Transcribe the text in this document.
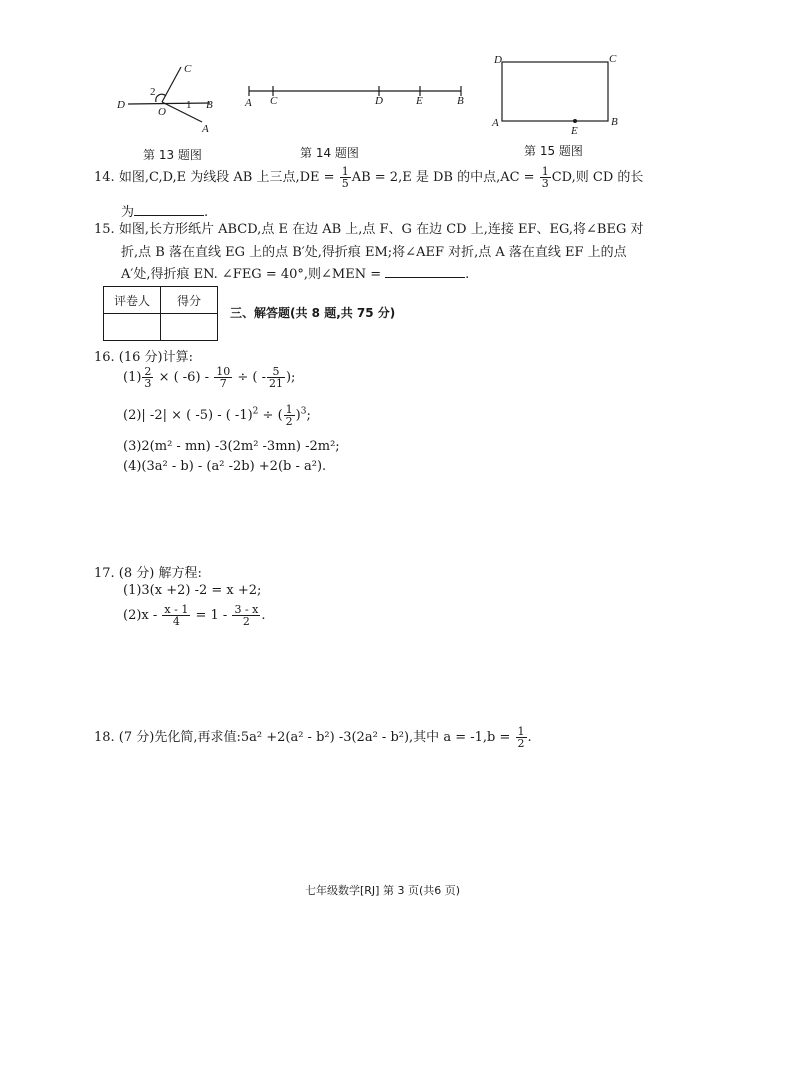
D
C
O
B
A
1
2
A C	D	E	B
D	C
A
E
B
第 13 题图	第 14 题图	第 15 题图
14. 如图,C,D,E 为线段 AB 上三点$,DE = \frac{1}{5}$ AB = 2,E 是 DB 的中点$,AC = \frac{1}{3}$ CD,则 CD 的长
为	.
15. 如图,长方形纸片 ABCD,点 E 在边 AB 上,点 F、G 在边 CD 上,连接 EF、EG,将∠BEG 对
折,点 B 落在直线 EG 上的点 B′处,得折痕 EM;将∠AEF 对折,点 A 落在直线 EF 上的点
A′处,得折痕 EN. ∠FEG = 40°,则∠MEN =	.
评卷人	得分

三、解答题(共 8 题,共 75 分)
16. (16 分)计算:
$(1) \frac{2}{3}$ × ( $-6) - \frac{10}{7}$ ÷ ( - $\frac{5}{21}$ );
(2)| -2| × ( -5) - ( -1)$^2$ ÷ ( $\frac{1}{2} )^3$;
(3)2(m² - mn) -3(2m² -3mn) -2m²;
(4)(3a² - b) - (a² -2b) +2(b - a²).
17. (8 分) 解方程:
(1)3(x +2) -2 = x +2;
$(2)x - \frac{x - 1}{4} = 1 - \frac{3 - x}{2}$ .
18. (7 分)先化简,再求值:5a² +2(a² - b²) -3(2a² - b²),其中 $a = -1,b = \frac{1}{2}$ .
七年级数学[RJ] 第 3 页(共6 页)
